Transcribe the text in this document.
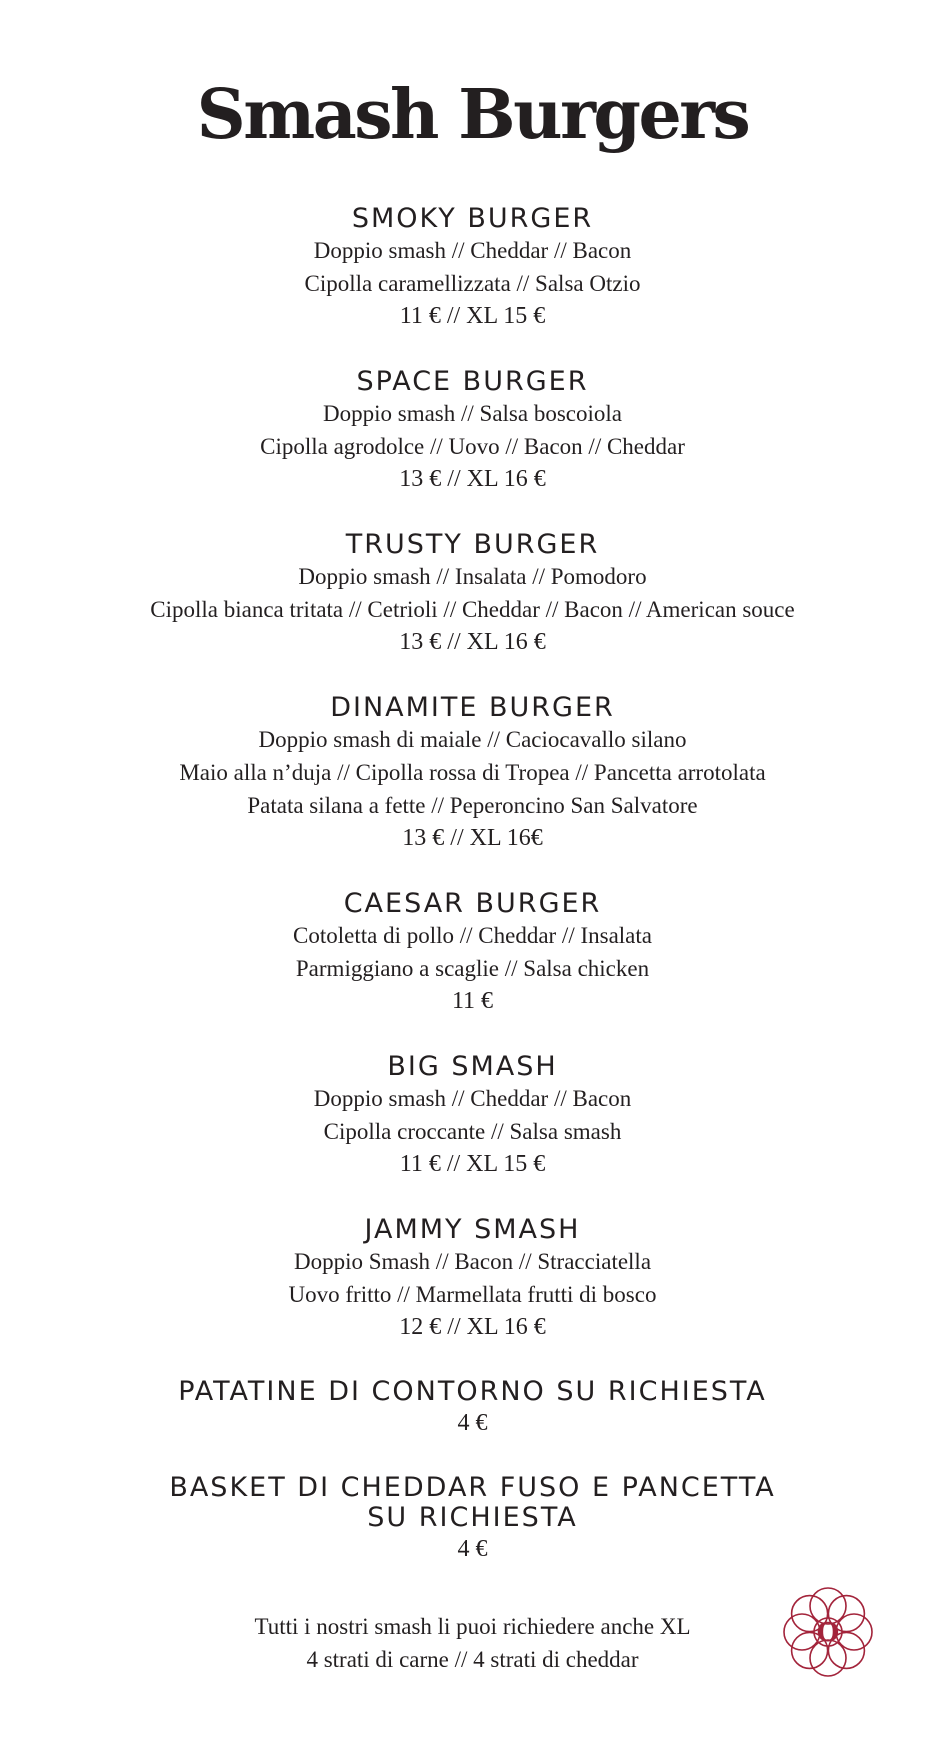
Smash Burgers

SMOKY BURGER

Doppio smash // Cheddar // Bacon

Cipolla caramellizzata // Salsa Otzio

11 € // XL 15 €

SPACE BURGER

Doppio smash // Salsa boscoiola

Cipolla agrodolce // Uovo // Bacon // Cheddar

13 € // XL 16 €

TRUSTY BURGER

Doppio smash // Insalata // Pomodoro

Cipolla bianca tritata // Cetrioli // Cheddar // Bacon // American souce

13 € // XL 16 €

DINAMITE BURGER

Doppio smash di maiale // Caciocavallo silano

Maio alla n’duja // Cipolla rossa di Tropea // Pancetta arrotolata

Patata silana a fette // Peperoncino San Salvatore

13 € // XL 16€

CAESAR BURGER

Cotoletta di pollo // Cheddar // Insalata

Parmiggiano a scaglie // Salsa chicken

11 €

BIG SMASH

Doppio smash // Cheddar // Bacon

Cipolla croccante // Salsa smash

11 € // XL 15 €

JAMMY SMASH

Doppio Smash // Bacon // Stracciatella

Uovo fritto // Marmellata frutti di bosco

12 € // XL 16 €

PATATINE DI CONTORNO SU RICHIESTA

4 €

BASKET DI CHEDDAR FUSO E PANCETTA

SU RICHIESTA

4 €

Tutti i nostri smash li puoi richiedere anche XL

4 strati di carne // 4 strati di cheddar

O
